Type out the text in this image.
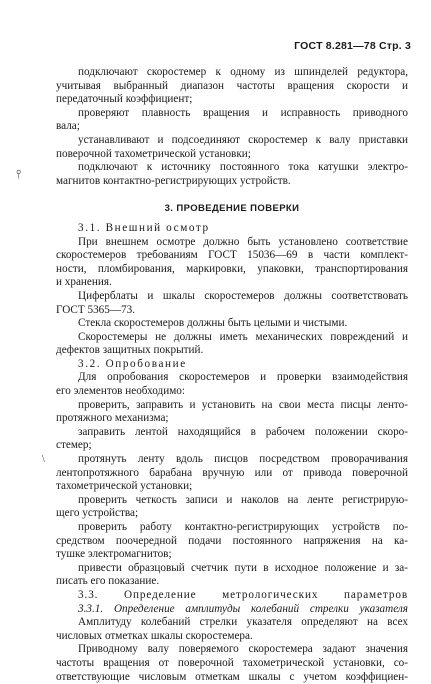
ГОСТ 8.281—78 Стр. 3
⫯
\
подключают скоростемер к одному из шпинделей редуктора,
учитывая выбранный диапазон частоты вращения скорости и
передаточный коэффициент;
проверяют плавность вращения и исправность приводного
вала;
устанавливают и подсоединяют скоростемер к валу приставки
поверочной тахометрической установки;
подключают к источнику постоянного тока катушки электро-
магнитов контактно-регистрирующих устройств.
3. ПРОВЕДЕНИЕ ПОВЕРКИ
3.1. Внешний осмотр
При внешнем осмотре должно быть установлено соответствие
скоростемеров требованиям ГОСТ 15036—69 в части комплект-
ности, пломбирования, маркировки, упаковки, транспортирования
и хранения.
Циферблаты и шкалы скоростемеров должны соответствовать
ГОСТ 5365—73.
Стекла скоростемеров должны быть целыми и чистыми.
Скоростемеры не должны иметь механических повреждений и
дефектов защитных покрытий.
3.2. Опробование
Для опробования скоростемеров и проверки взаимодействия
его элементов необходимо:
проверить, заправить и установить на свои места писцы ленто-
протяжного механизма;
заправить лентой находящийся в рабочем положении скоро-
стемер;
протянуть ленту вдоль писцов посредством проворачивания
лентопротяжного барабана вручную или от привода поверочной
тахометрической установки;
проверить четкость записи и наколов на ленте регистрирую-
щего устройства;
проверить работу контактно-регистрирующих устройств по-
средством поочередной подачи постоянного напряжения на ка-
тушке электромагнитов;
привести образцовый счетчик пути в исходное положение и за-
писать его показание.
3.3. Определение метрологических параметров
3.3.1. Определение амплитуды колебаний стрелки указателя
Амплитуду колебаний стрелки указателя определяют на всех
числовых отметках шкалы скоростемера.
Приводному валу поверяемого скоростемера задают значения
частоты вращения от поверочной тахометрической установки, со-
ответствующие числовым отметкам шкалы с учетом коэффициен-
